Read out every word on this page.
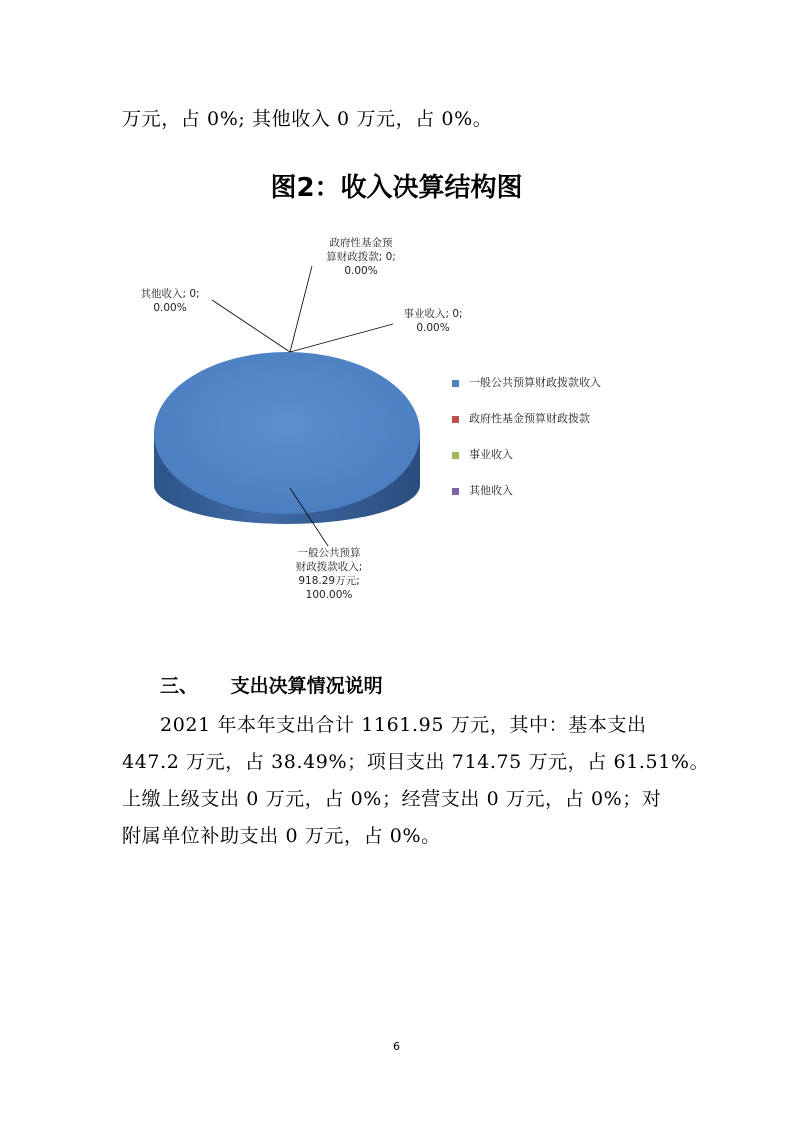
万元，占 0%; 其他收入 0 万元，占 0%。
图2：收入决算结构图
政府性基金预
算财政拨款; 0;
0.00%
其他收入; 0;
0.00%	事业收入; 0;
0.00%
一般公共预算
财政拨款收入;
918.29万元;
100.00%
一般公共预算财政拨款收入
政府性基金预算财政拨款
事业收入
其他收入
三、 支出决算情况说明
2021 年本年支出合计 1161.95 万元，其中：基本支出
447.2 万元，占 38.49%；项目支出 714.75 万元，占 61.51%。
上缴上级支出 0 万元，占 0%；经营支出 0 万元，占 0%；对
附属单位补助支出 0 万元，占 0%。
6
